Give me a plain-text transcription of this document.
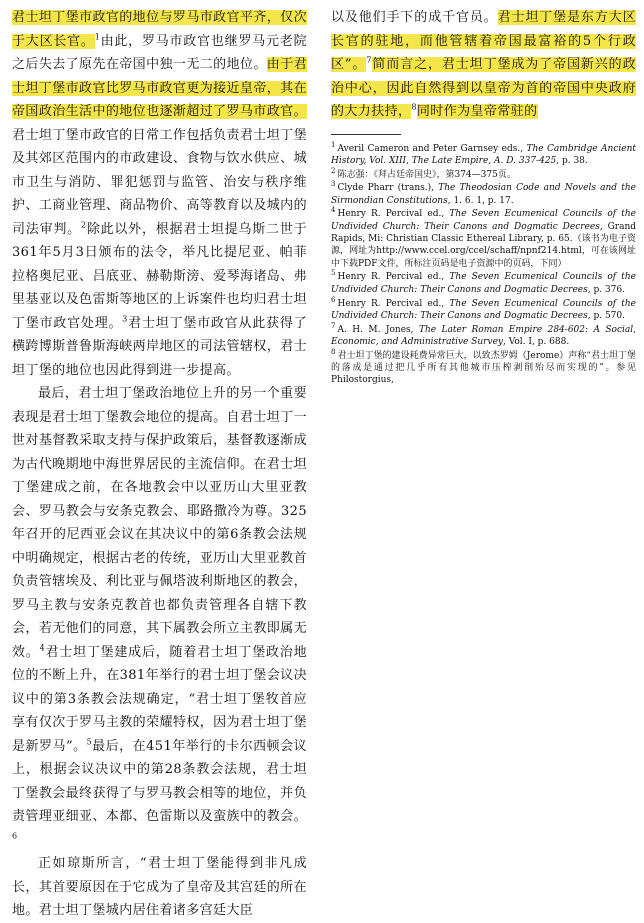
君士坦丁堡市政官的地位与罗马市政官平齐，仅次于大区长官。$^1$由此，罗马市政官也继罗马元老院之后失去了原先在帝国中独一无二的地位。由于君士坦丁堡市政官比罗马市政官更为接近皇帝，其在帝国政治生活中的地位也逐渐超过了罗马市政官。君士坦丁堡市政官的日常工作包括负责君士坦丁堡及其郊区范围内的市政建设、食物与饮水供应、城市卫生与消防、罪犯惩罚与监管、治安与秩序维护、工商业管理、商品物价、高等教育以及城内的司法审判。$^2$除此以外，根据君士坦提乌斯二世于361年5月3日颁布的法令，举凡比提尼亚、帕菲拉格奥尼亚、吕底亚、赫勒斯滂、爱琴海诸岛、弗里基亚以及色雷斯等地区的上诉案件也均归君士坦丁堡市政官处理。$^3$君士坦丁堡市政官从此获得了横跨博斯普鲁斯海峡两岸地区的司法管辖权，君士坦丁堡的地位也因此得到进一步提高。

最后，君士坦丁堡政治地位上升的另一个重要表现是君士坦丁堡教会地位的提高。自君士坦丁一世对基督教采取支持与保护政策后，基督教逐渐成为古代晚期地中海世界居民的主流信仰。在君士坦丁堡建成之前，在各地教会中以亚历山大里亚教会、罗马教会与安条克教会、耶路撒冷为尊。325年召开的尼西亚会议在其决议中的第6条教会法规中明确规定，根据古老的传统，亚历山大里亚教首负责管辖埃及、利比亚与佩塔波利斯地区的教会，罗马主教与安条克教首也都负责管理各自辖下教会，若无他们的同意，其下属教会所立主教即属无效。$^4$君士坦丁堡建成后，随着君士坦丁堡政治地位的不断上升，在381年举行的君士坦丁堡会议决议中的第3条教会法规确定，“君士坦丁堡牧首应享有仅次于罗马主教的荣耀特权，因为君士坦丁堡是新罗马”。$^5$最后，在451年举行的卡尔西顿会议上，根据会议决议中的第28条教会法规，君士坦丁堡教会最终获得了与罗马教会相等的地位，并负责管理亚细亚、本都、色雷斯以及蛮族中的教会。$^6$

正如琼斯所言，“君士坦丁堡能得到非凡成长，其首要原因在于它成为了皇帝及其宫廷的所在地。君士坦丁堡城内居住着诸多宫廷大臣

以及他们手下的成千官员。君士坦丁堡是东方大区长官的驻地，而他管辖着帝国最富裕的5个行政区”。$^7$简而言之，君士坦丁堡成为了帝国新兴的政治中心，因此自然得到以皇帝为首的帝国中央政府的大力扶持，$^8$同时作为皇帝常驻的

$^1$ Averil Cameron and Peter Garnsey eds., The Cambridge Ancient History, Vol. XIII, The Late Empire, A. D. 337-425, p. 38.

$^2$ 陈志强：《拜占廷帝国史》，第374—375页。

$^3$ Clyde Pharr (trans.), The Theodosian Code and Novels and the Sirmondian Constitutions, 1. 6. 1, p. 17.

$^4$ Henry R. Percival ed., The Seven Ecumenical Councils of the Undivided Church: Their Canons and Dogmatic Decrees, Grand Rapids, Mi: Christian Classic Ethereal Library, p. 65.（该书为电子资源，网址为http://www.ccel.org/ccel/schaff/npnf214.html，可在该网址中下载PDF文件，所标注页码是电子资源中的页码，下同）

$^5$ Henry R. Percival ed., The Seven Ecumenical Councils of the Undivided Church: Their Canons and Dogmatic Decrees, p. 376.

$^6$ Henry R. Percival ed., The Seven Ecumenical Councils of the Undivided Church: Their Canons and Dogmatic Decrees, p. 570.

$^7$ A. H. M. Jones, The Later Roman Empire 284-602: A Social, Economic, and Administrative Survey, Vol. I, p. 688.

$^8$ 君士坦丁堡的建设耗费异常巨大，以致杰罗姆（Jerome）声称“君士坦丁堡的落成是通过把几乎所有其他城市压榨剥削殆尽而实现的”。参见Philostorgius,
